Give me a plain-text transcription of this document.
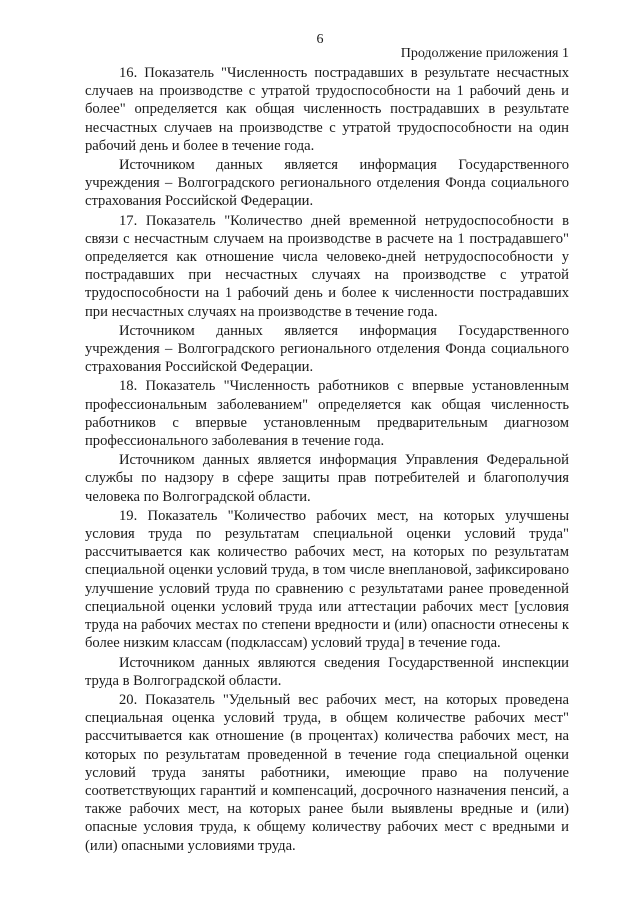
6
Продолжение приложения 1

16. Показатель "Численность пострадавших в результате несчастных случаев на производстве с утратой трудоспособности на 1 рабочий день и более" определяется как общая численность пострадавших в результате несчастных случаев на производстве с утратой трудоспособности на один рабочий день и более в течение года.

Источником данных является информация Государственного учреждения – Волгоградского регионального отделения Фонда социального страхования Российской Федерации.

17. Показатель "Количество дней временной нетрудоспособности в связи с несчастным случаем на производстве в расчете на 1 пострадавшего" определяется как отношение числа человеко-дней нетрудоспособности у пострадавших при несчастных случаях на производстве с утратой трудоспособности на 1 рабочий день и более к численности пострадавших при несчастных случаях на производстве в течение года.

Источником данных является информация Государственного учреждения – Волгоградского регионального отделения Фонда социального страхования Российской Федерации.

18. Показатель "Численность работников с впервые установленным профессиональным заболеванием" определяется как общая численность работников с впервые установленным предварительным диагнозом профессионального заболевания в течение года.

Источником данных является информация Управления Федеральной службы по надзору в сфере защиты прав потребителей и благополучия человека по Волгоградской области.

19. Показатель "Количество рабочих мест, на которых улучшены условия труда по результатам специальной оценки условий труда" рассчитывается как количество рабочих мест, на которых по результатам специальной оценки условий труда, в том числе внеплановой, зафиксировано улучшение условий труда по сравнению с результатами ранее проведенной специальной оценки условий труда или аттестации рабочих мест [условия труда на рабочих местах по степени вредности и (или) опасности отнесены к более низким классам (подклассам) условий труда] в течение года.

Источником данных являются сведения Государственной инспекции труда в Волгоградской области.

20. Показатель "Удельный вес рабочих мест, на которых проведена специальная оценка условий труда, в общем количестве рабочих мест" рассчитывается как отношение (в процентах) количества рабочих мест, на которых по результатам проведенной в течение года специальной оценки условий труда заняты работники, имеющие право на получение соответствующих гарантий и компенсаций, досрочного назначения пенсий, а также рабочих мест, на которых ранее были выявлены вредные и (или) опасные условия труда, к общему количеству рабочих мест с вредными и (или) опасными условиями труда.
